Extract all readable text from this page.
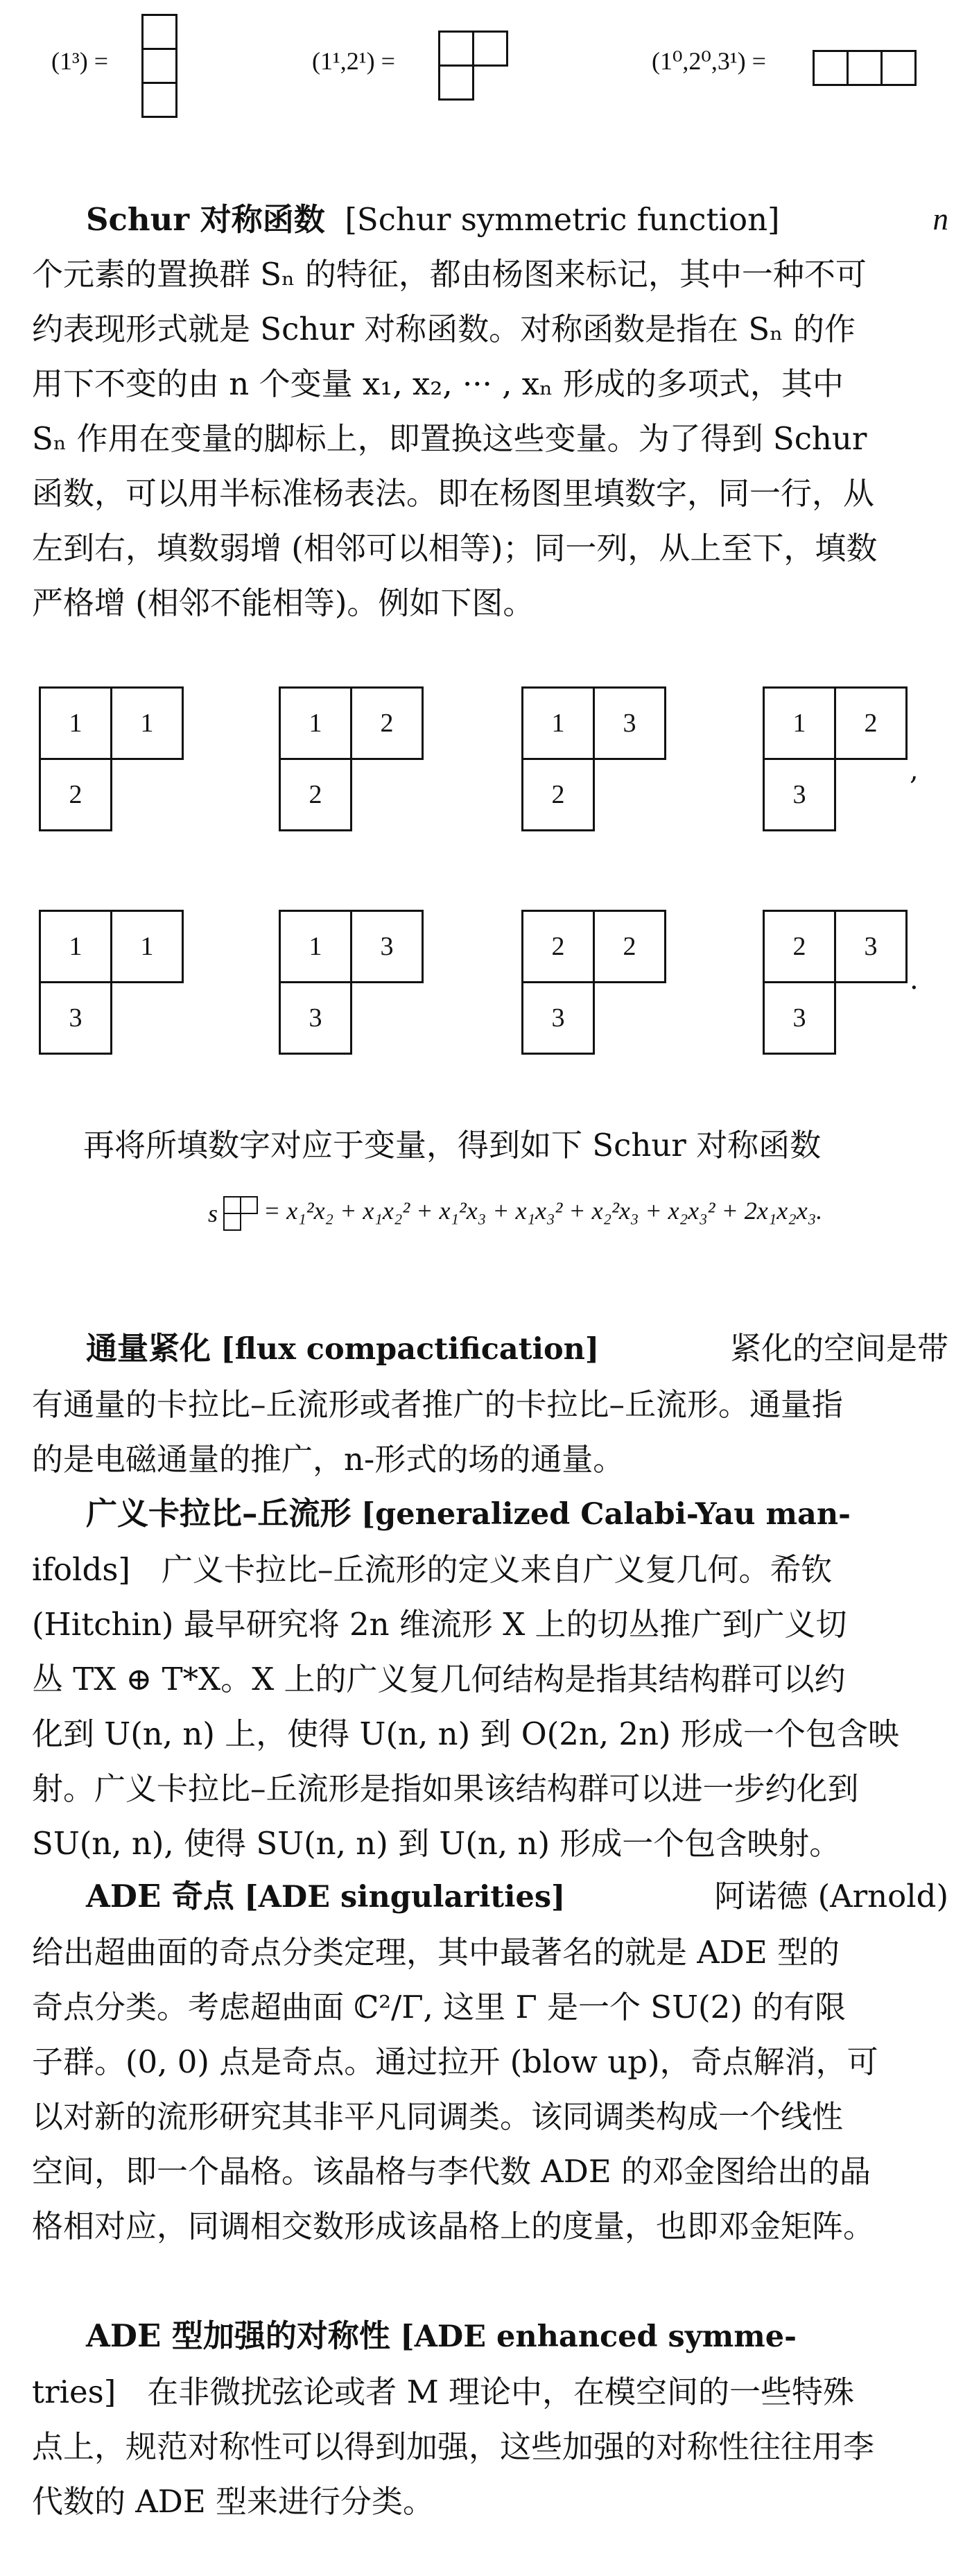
(1³) =	(1¹,2¹) =	(1⁰,2⁰,3¹) =
Schur 对称函数 [Schur symmetric function]	n
个元素的置换群 Sₙ 的特征，都由杨图来标记，其中一种不可
约表现形式就是 Schur 对称函数。对称函数是指在 Sₙ 的作
用下不变的由 n 个变量 x₁, x₂, ··· , xₙ 形成的多项式，其中
Sₙ 作用在变量的脚标上，即置换这些变量。为了得到 Schur
函数，可以用半标准杨表法。即在杨图里填数字，同一行，从
左到右，填数弱增 (相邻可以相等)；同一列，从上至下，填数
严格增 (相邻不能相等)。例如下图。
1	1
2
1	2
2
1	3
2
1	2
3
1	1
3
1	3
3
2	2
3
2	3
3
,
.
再将所填数字对应于变量，得到如下 Schur 对称函数
s = x₁²x₂ + x₁x₂² + x₁²x₃ + x₁x₃² + x₂²x₃ + x₂x₃² + 2x₁x₂x₃.
通量紧化 [flux compactification]	紧化的空间是带
有通量的卡拉比–丘流形或者推广的卡拉比–丘流形。通量指
的是电磁通量的推广，n-形式的场的通量。
广义卡拉比–丘流形 [generalized Calabi-Yau man-
ifolds]　广义卡拉比–丘流形的定义来自广义复几何。希钦
(Hitchin) 最早研究将 2n 维流形 X 上的切丛推广到广义切
丛 TX ⊕ T*X。X 上的广义复几何结构是指其结构群可以约
化到 U(n, n) 上，使得 U(n, n) 到 O(2n, 2n) 形成一个包含映
射。广义卡拉比–丘流形是指如果该结构群可以进一步约化到
SU(n, n), 使得 SU(n, n) 到 U(n, n) 形成一个包含映射。
ADE 奇点 [ADE singularities]	阿诺德 (Arnold)
给出超曲面的奇点分类定理，其中最著名的就是 ADE 型的
奇点分类。考虑超曲面 ℂ²/Γ, 这里 Γ 是一个 SU(2) 的有限
子群。(0, 0) 点是奇点。通过拉开 (blow up)，奇点解消，可
以对新的流形研究其非平凡同调类。该同调类构成一个线性
空间，即一个晶格。该晶格与李代数 ADE 的邓金图给出的晶
格相对应，同调相交数形成该晶格上的度量，也即邓金矩阵。
ADE 型加强的对称性 [ADE enhanced symme-
tries]　在非微扰弦论或者 M 理论中，在模空间的一些特殊
点上，规范对称性可以得到加强，这些加强的对称性往往用李
代数的 ADE 型来进行分类。
